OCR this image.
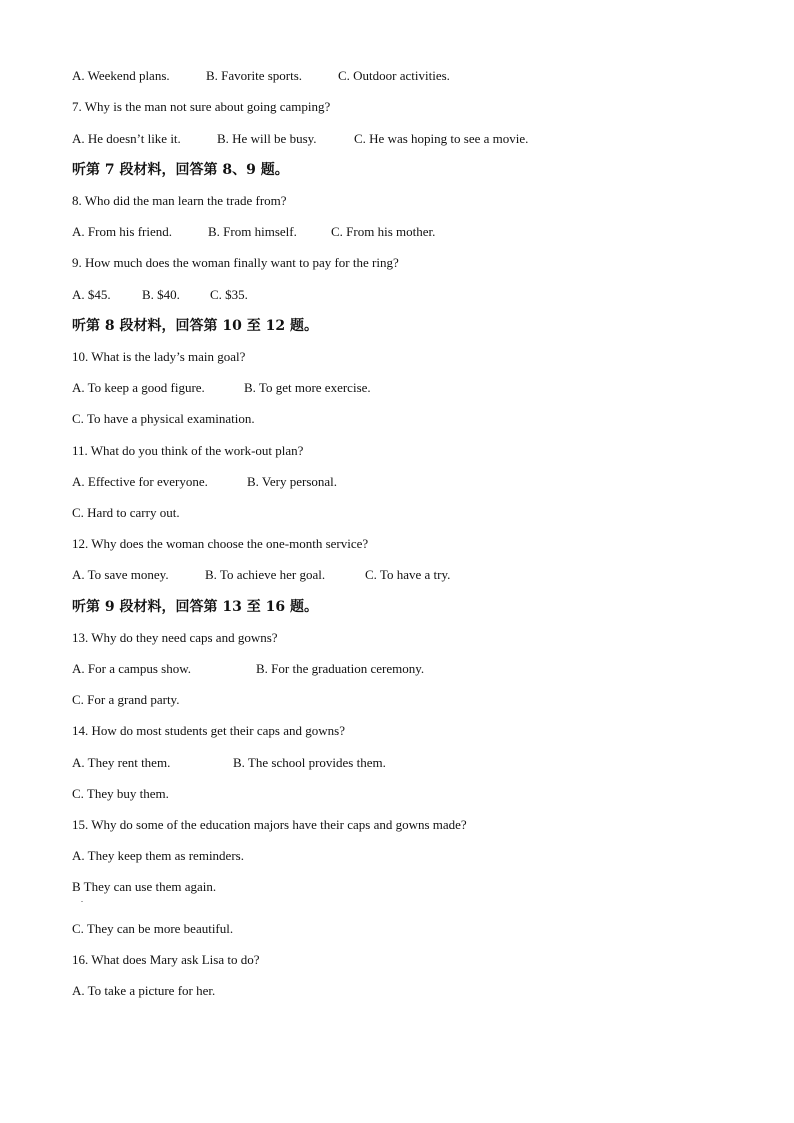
A. Weekend plans.	B. Favorite sports.	C. Outdoor activities.
7. Why is the man not sure about going camping?
A. He doesn’t like it.	B. He will be busy.	C. He was hoping to see a movie.
听第 7 段材料，回答第 8、9 题。
8. Who did the man learn the trade from?
A. From his friend.	B. From himself.	C. From his mother.
9. How much does the woman finally want to pay for the ring?
A. $45. B. $40. C. $35.
听第 8 段材料，回答第 10 至 12 题。
10. What is the lady’s main goal?
A. To keep a good figure.	B. To get more exercise.
C. To have a physical examination.
11. What do you think of the work-out plan?
A. Effective for everyone.	B. Very personal.
C. Hard to carry out.
12. Why does the woman choose the one-month service?
A. To save money.	B. To achieve her goal.	C. To have a try.
听第 9 段材料，回答第 13 至 16 题。
13. Why do they need caps and gowns?
A. For a campus show.	B. For the graduation ceremony.
C. For a grand party.
14. How do most students get their caps and gowns?
A. They rent them.	B. The school provides them.
C. They buy them.
15. Why do some of the education majors have their caps and gowns made?
A. They keep them as reminders.
B They can use them again.
.
C. They can be more beautiful.
16. What does Mary ask Lisa to do?
A. To take a picture for her.
